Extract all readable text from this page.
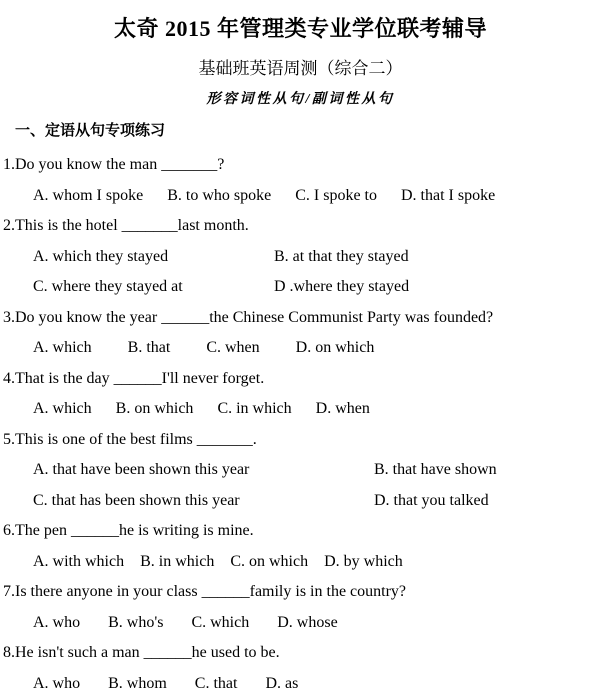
太奇 2015 年管理类专业学位联考辅导
基础班英语周测（综合二）
形容词性从句/副词性从句
一、定语从句专项练习
1.Do you know the man _______?
A. whom I spoke B. to who spoke C. I spoke to D. that I spoke
2.This is the hotel _______last month.
A. which they stayed	B. at that they stayed
C. where they stayed at	D .where they stayed
3.Do you know the year ______the Chinese Communist Party was founded?
A. which B. that C. when D. on which
4.That is the day ______I'll never forget.
A. which B. on which C. in which D. when
5.This is one of the best films _______.
A. that have been shown this year	B. that have shown
C. that has been shown this year	D. that you talked
6.The pen ______he is writing is mine.
A. with which B. in which C. on which D. by which
7.Is there anyone in your class ______family is in the country?
A. who B. who's C. which D. whose
8.He isn't such a man ______he used to be.
A. who B. whom C. that D. as
